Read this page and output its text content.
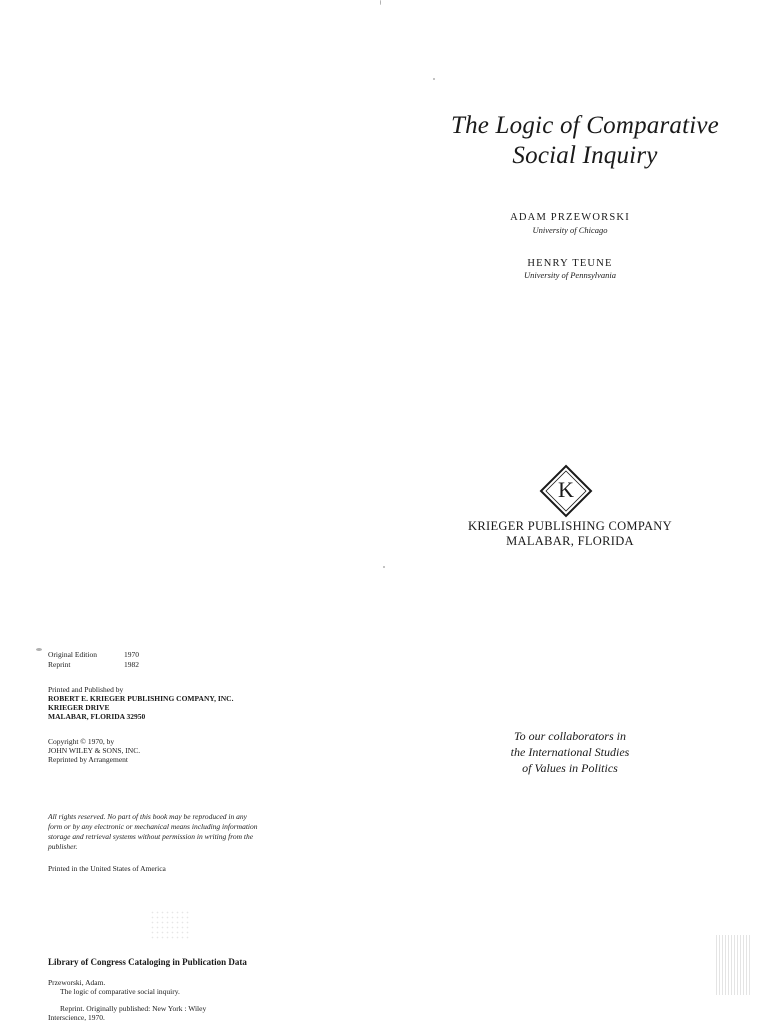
The Logic of Comparative
Social Inquiry
ADAM PRZEWORSKI
University of Chicago
HENRY TEUNE
University of Pennsylvania
K
KRIEGER PUBLISHING COMPANY
MALABAR, FLORIDA
To our collaborators in
the International Studies
of Values in Politics
Original Edition	1970
Reprint	1982
Printed and Published by
ROBERT E. KRIEGER PUBLISHING COMPANY, INC.
KRIEGER DRIVE
MALABAR, FLORIDA 32950
Copyright © 1970, by
JOHN WILEY & SONS, INC.
Reprinted by Arrangement
All rights reserved. No part of this book may be reproduced in any
form or by any electronic or mechanical means including information
storage and retrieval systems without permission in writing from the
publisher.
Printed in the United States of America
Library of Congress Cataloging in Publication Data
Przeworski, Adam.
The logic of comparative social inquiry.
Reprint. Originally published: New York : Wiley
Interscience, 1970.
